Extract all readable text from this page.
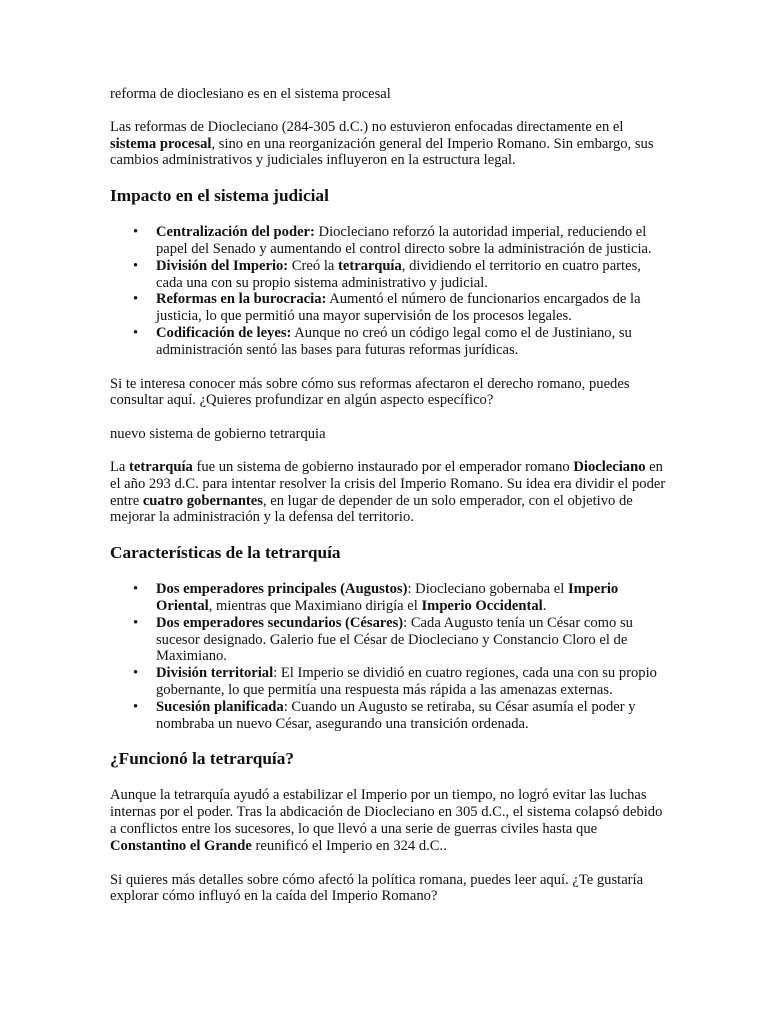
reforma de dioclesiano es en el sistema procesal

Las reformas de Diocleciano (284-305 d.C.) no estuvieron enfocadas directamente en el sistema procesal, sino en una reorganización general del Imperio Romano. Sin embargo, sus cambios administrativos y judiciales influyeron en la estructura legal.

Impacto en el sistema judicial
• Centralización del poder: Diocleciano reforzó la autoridad imperial, reduciendo el papel del Senado y aumentando el control directo sobre la administración de justicia.
• División del Imperio: Creó la tetrarquía, dividiendo el territorio en cuatro partes, cada una con su propio sistema administrativo y judicial.
• Reformas en la burocracia: Aumentó el número de funcionarios encargados de la justicia, lo que permitió una mayor supervisión de los procesos legales.
• Codificación de leyes: Aunque no creó un código legal como el de Justiniano, su administración sentó las bases para futuras reformas jurídicas.

Si te interesa conocer más sobre cómo sus reformas afectaron el derecho romano, puedes consultar aquí. ¿Quieres profundizar en algún aspecto específico?

nuevo sistema de gobierno tetrarquia

La tetrarquía fue un sistema de gobierno instaurado por el emperador romano Diocleciano en el año 293 d.C. para intentar resolver la crisis del Imperio Romano. Su idea era dividir el poder entre cuatro gobernantes, en lugar de depender de un solo emperador, con el objetivo de mejorar la administración y la defensa del territorio.

Características de la tetrarquía
• Dos emperadores principales (Augustos): Diocleciano gobernaba el Imperio Oriental, mientras que Maximiano dirigía el Imperio Occidental.
• Dos emperadores secundarios (Césares): Cada Augusto tenía un César como su sucesor designado. Galerio fue el César de Diocleciano y Constancio Cloro el de Maximiano.
• División territorial: El Imperio se dividió en cuatro regiones, cada una con su propio gobernante, lo que permitía una respuesta más rápida a las amenazas externas.
• Sucesión planificada: Cuando un Augusto se retiraba, su César asumía el poder y nombraba un nuevo César, asegurando una transición ordenada.
¿Funcionó la tetrarquía?

Aunque la tetrarquía ayudó a estabilizar el Imperio por un tiempo, no logró evitar las luchas internas por el poder. Tras la abdicación de Diocleciano en 305 d.C., el sistema colapsó debido a conflictos entre los sucesores, lo que llevó a una serie de guerras civiles hasta que Constantino el Grande reunificó el Imperio en 324 d.C..

Si quieres más detalles sobre cómo afectó la política romana, puedes leer aquí. ¿Te gustaría explorar cómo influyó en la caída del Imperio Romano?
